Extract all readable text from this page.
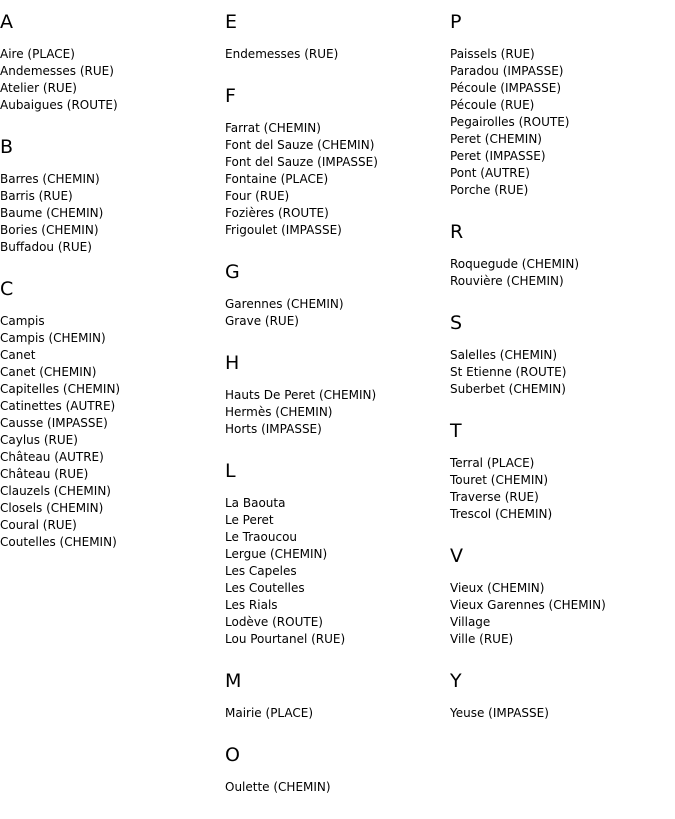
A
Aire (PLACE)
Andemesses (RUE)
Atelier (RUE)
Aubaigues (ROUTE)
B
Barres (CHEMIN)
Barris (RUE)
Baume (CHEMIN)
Bories (CHEMIN)
Buffadou (RUE)
C
Campis
Campis (CHEMIN)
Canet
Canet (CHEMIN)
Capitelles (CHEMIN)
Catinettes (AUTRE)
Causse (IMPASSE)
Caylus (RUE)
Château (AUTRE)
Château (RUE)
Clauzels (CHEMIN)
Closels (CHEMIN)
Coural (RUE)
Coutelles (CHEMIN)
E
Endemesses (RUE)
F
Farrat (CHEMIN)
Font del Sauze (CHEMIN)
Font del Sauze (IMPASSE)
Fontaine (PLACE)
Four (RUE)
Fozières (ROUTE)
Frigoulet (IMPASSE)
G
Garennes (CHEMIN)
Grave (RUE)
H
Hauts De Peret (CHEMIN)
Hermès (CHEMIN)
Horts (IMPASSE)
L
La Baouta
Le Peret
Le Traoucou
Lergue (CHEMIN)
Les Capeles
Les Coutelles
Les Rials
Lodève (ROUTE)
Lou Pourtanel (RUE)
M
Mairie (PLACE)
O
Oulette (CHEMIN)
P
Paissels (RUE)
Paradou (IMPASSE)
Pécoule (IMPASSE)
Pécoule (RUE)
Pegairolles (ROUTE)
Peret (CHEMIN)
Peret (IMPASSE)
Pont (AUTRE)
Porche (RUE)
R
Roquegude (CHEMIN)
Rouvière (CHEMIN)
S
Salelles (CHEMIN)
St Etienne (ROUTE)
Suberbet (CHEMIN)
T
Terral (PLACE)
Touret (CHEMIN)
Traverse (RUE)
Trescol (CHEMIN)
V
Vieux (CHEMIN)
Vieux Garennes (CHEMIN)
Village
Ville (RUE)
Y
Yeuse (IMPASSE)
